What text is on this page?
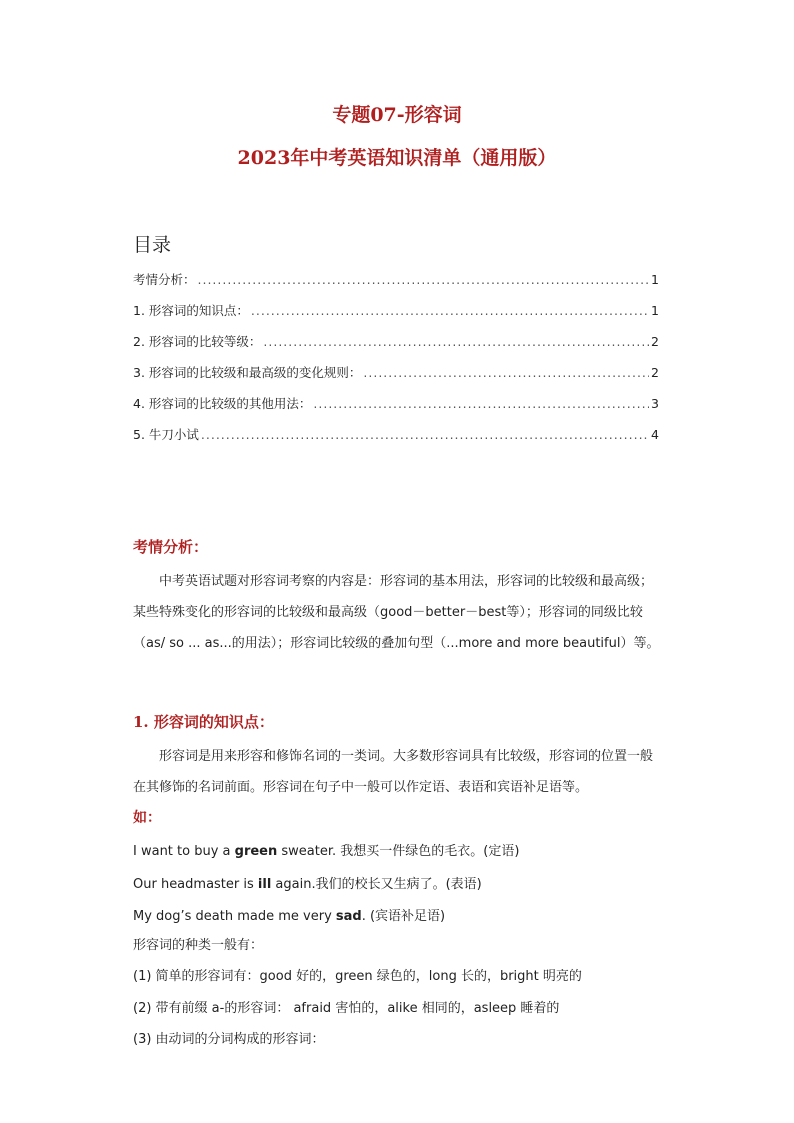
专题07-形容词
2023年中考英语知识清单（通用版）
目录
考情分析： .....	1
1. 形容词的知识点： .....	1
2. 形容词的比较等级： .....	2
3. 形容词的比较级和最高级的变化规则： .....	2
4. 形容词的比较级的其他用法： .....	3
5. 牛刀小试 .....	4
考情分析：
中考英语试题对形容词考察的内容是：形容词的基本用法，形容词的比较级和最高级；某些特殊变化的形容词的比较级和最高级（good－better－best等）；形容词的同级比较（as/ so ... as...的用法）；形容词比较级的叠加句型（...more and more beautiful）等。
1. 形容词的知识点：
形容词是用来形容和修饰名词的一类词。大多数形容词具有比较级，形容词的位置一般在其修饰的名词前面。形容词在句子中一般可以作定语、表语和宾语补足语等。
如：
I want to buy a green sweater. 我想买一件绿色的毛衣。(定语)
Our headmaster is ill again.我们的校长又生病了。(表语)
My dog’s death made me very sad. (宾语补足语)
形容词的种类一般有：
(1) 简单的形容词有：good 好的，green 绿色的，long 长的，bright 明亮的
(2) 带有前缀 a-的形容词： afraid 害怕的，alike 相同的，asleep 睡着的
(3) 由动词的分词构成的形容词：
